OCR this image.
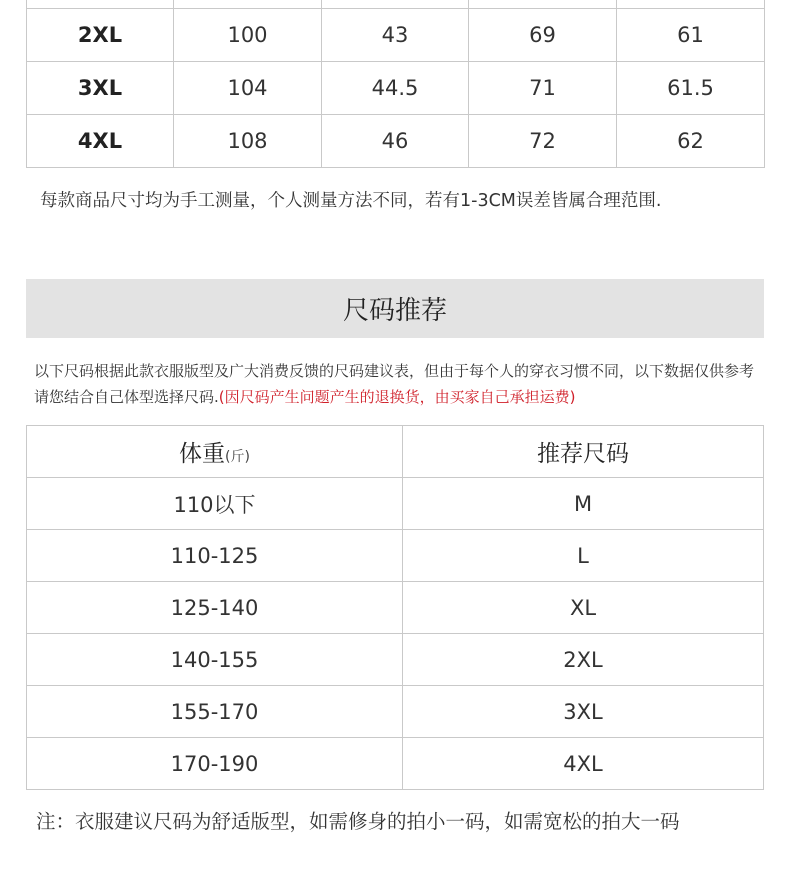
2XL	100	43	69	61
3XL	104	44.5	71	61.5
4XL	108	46	72	62
每款商品尺寸均为手工测量，个人测量方法不同，若有1-3CM误差皆属合理范围.
尺码推荐
以下尺码根据此款衣服版型及广大消费反馈的尺码建议表，但由于每个人的穿衣习惯不同，以下数据仅供参考请您结合自己体型选择尺码.(因尺码产生问题产生的退换货，由买家自己承担运费)
体重(斤)	推荐尺码
110以下	M
110-125	L
125-140	XL
140-155	2XL
155-170	3XL
170-190	4XL
注：衣服建议尺码为舒适版型，如需修身的拍小一码，如需宽松的拍大一码
